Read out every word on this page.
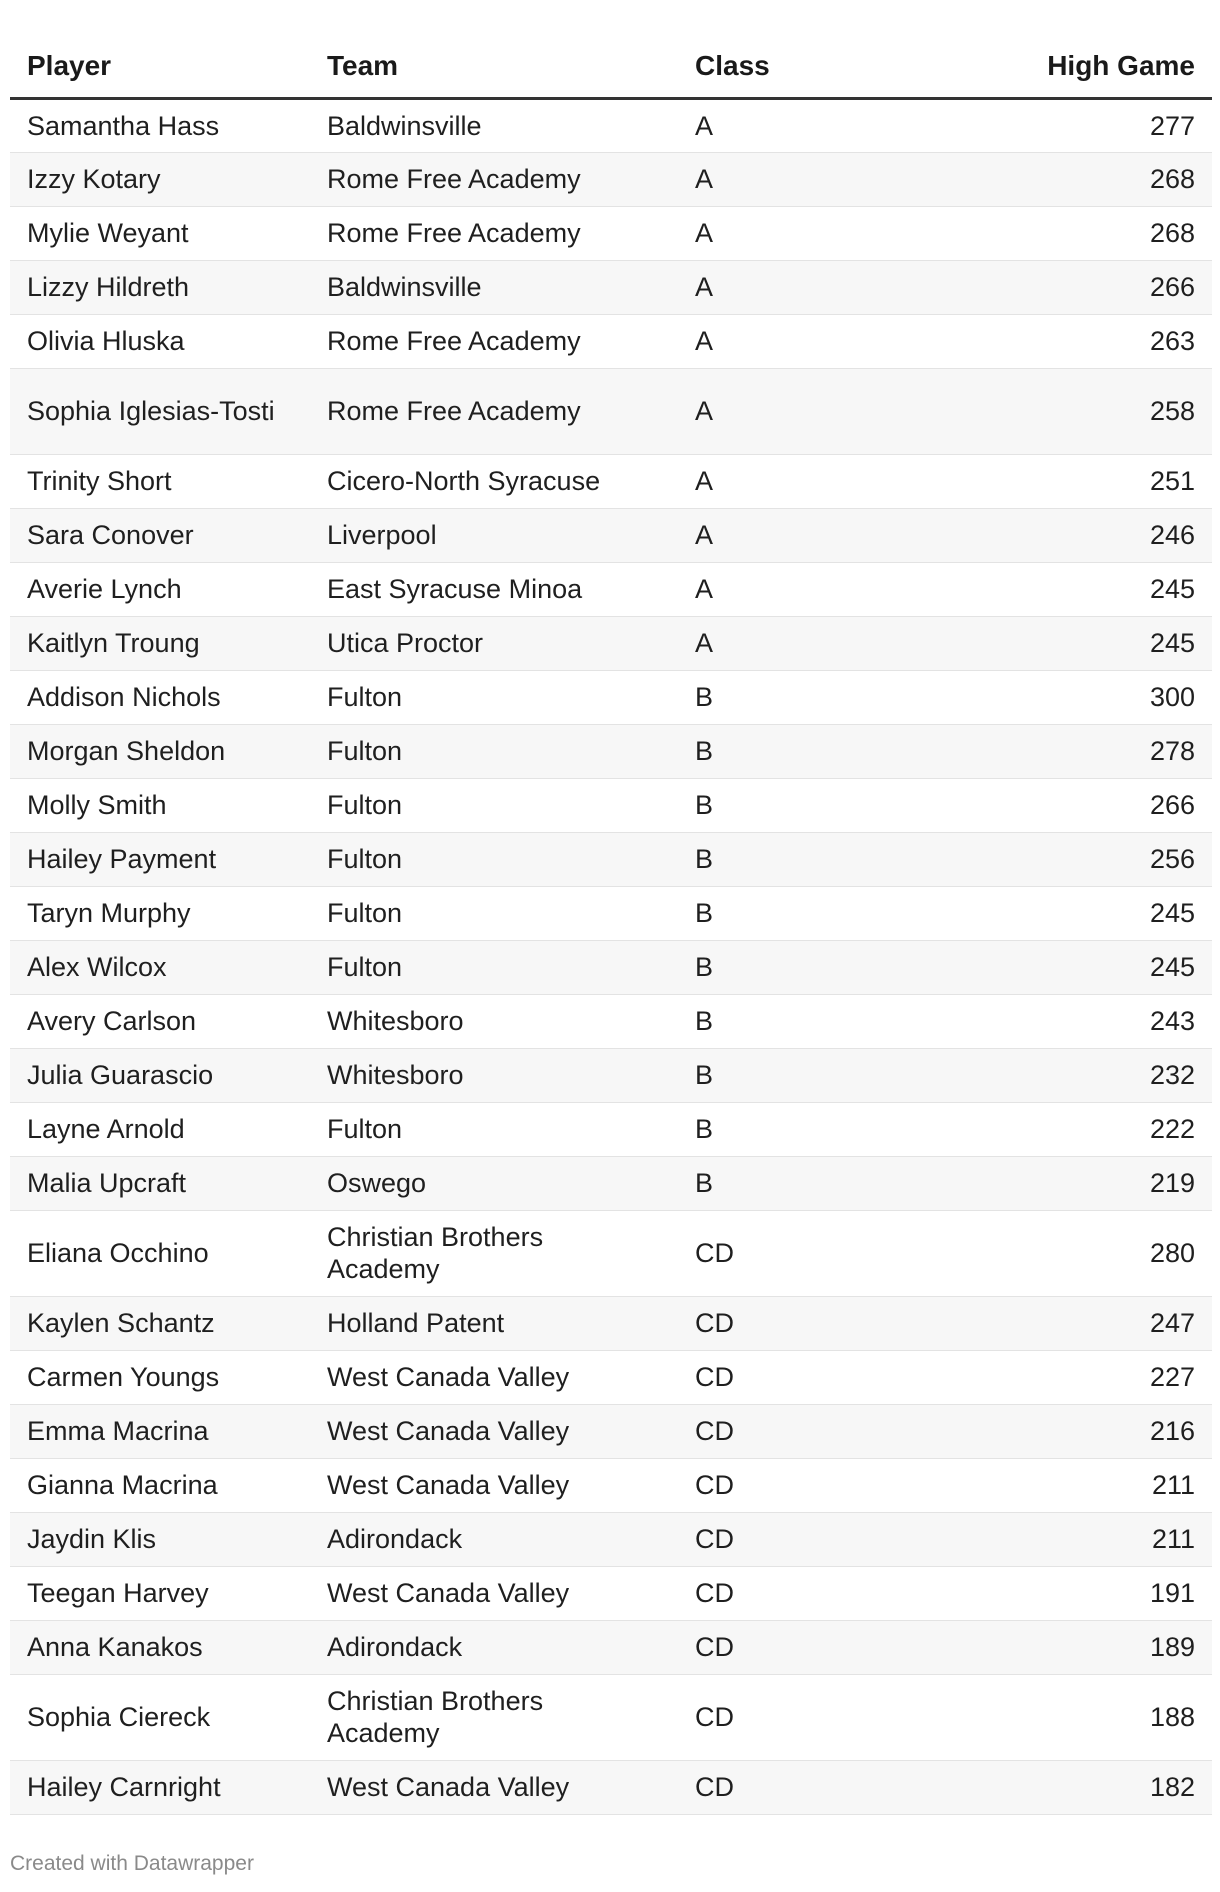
Player	Team	Class	High Game
Samantha Hass	Baldwinsville	A	277
Izzy Kotary	Rome Free Academy	A	268
Mylie Weyant	Rome Free Academy	A	268
Lizzy Hildreth	Baldwinsville	A	266
Olivia Hluska	Rome Free Academy	A	263
Sophia Iglesias-Tosti	Rome Free Academy	A	258
Trinity Short	Cicero-North Syracuse	A	251
Sara Conover	Liverpool	A	246
Averie Lynch	East Syracuse Minoa	A	245
Kaitlyn Troung	Utica Proctor	A	245
Addison Nichols	Fulton	B	300
Morgan Sheldon	Fulton	B	278
Molly Smith	Fulton	B	266
Hailey Payment	Fulton	B	256
Taryn Murphy	Fulton	B	245
Alex Wilcox	Fulton	B	245
Avery Carlson	Whitesboro	B	243
Julia Guarascio	Whitesboro	B	232
Layne Arnold	Fulton	B	222
Malia Upcraft	Oswego	B	219
Eliana Occhino	Christian Brothers Academy	CD	280
Kaylen Schantz	Holland Patent	CD	247
Carmen Youngs	West Canada Valley	CD	227
Emma Macrina	West Canada Valley	CD	216
Gianna Macrina	West Canada Valley	CD	211
Jaydin Klis	Adirondack	CD	211
Teegan Harvey	West Canada Valley	CD	191
Anna Kanakos	Adirondack	CD	189
Sophia Ciereck	Christian Brothers Academy	CD	188
Hailey Carnright	West Canada Valley	CD	182
Created with Datawrapper
